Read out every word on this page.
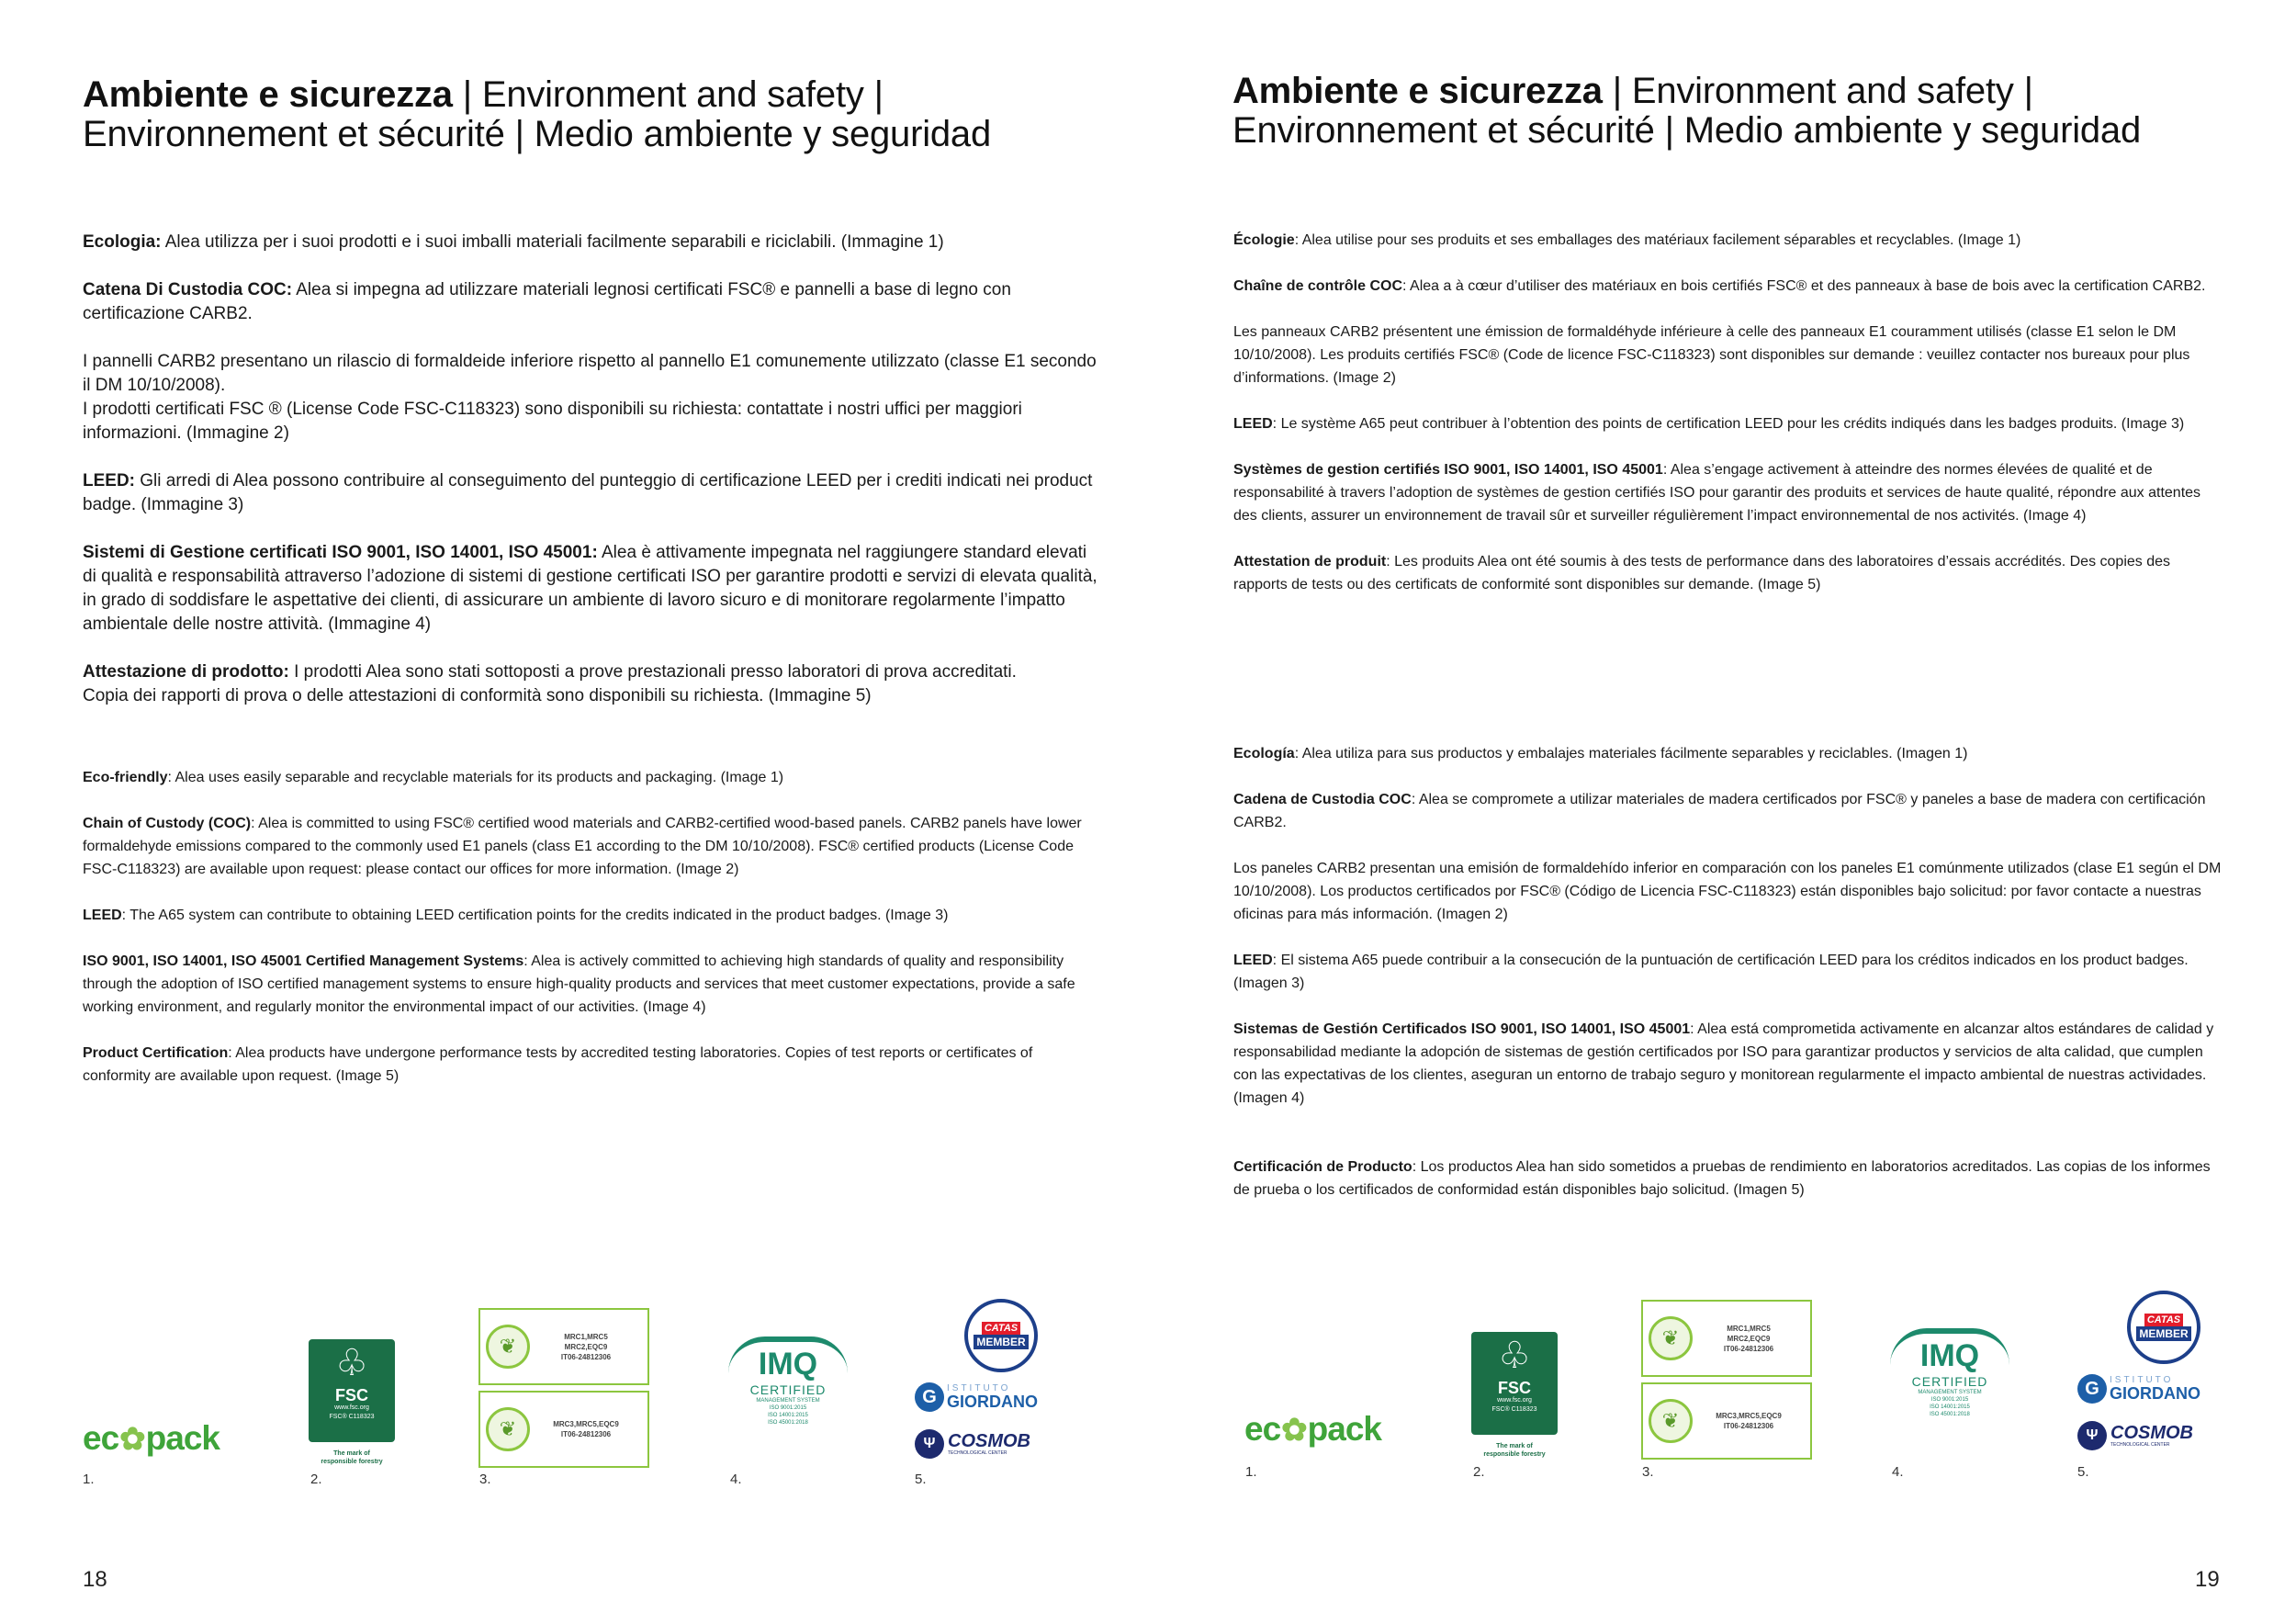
Ambiente e sicurezza | Environment and safety |
Environnement et sécurité | Medio ambiente y seguridad

Ecologia: Alea utilizza per i suoi prodotti e i suoi imballi materiali facilmente separabili e riciclabili. (Immagine 1)

Catena Di Custodia COC: Alea si impegna ad utilizzare materiali legnosi certificati FSC® e pannelli a base di legno con certificazione CARB2.

I pannelli CARB2 presentano un rilascio di formaldeide inferiore rispetto al pannello E1 comunemente utilizzato (classe E1 secondo il DM 10/10/2008).

I prodotti certificati FSC ® (License Code FSC-C118323) sono disponibili su richiesta: contattate i nostri uffici per maggiori informazioni. (Immagine 2)

LEED: Gli arredi di Alea possono contribuire al conseguimento del punteggio di certificazione LEED per i crediti indicati nei product badge. (Immagine 3)

Sistemi di Gestione certificati ISO 9001, ISO 14001, ISO 45001: Alea è attivamente impegnata nel raggiungere standard elevati di qualità e responsabilità attraverso l’adozione di sistemi di gestione certificati ISO per garantire prodotti e servizi di elevata qualità, in grado di soddisfare le aspettative dei clienti, di assicurare un ambiente di lavoro sicuro e di monitorare regolarmente l’impatto ambientale delle nostre attività. (Immagine 4)

Attestazione di prodotto: I prodotti Alea sono stati sottoposti a prove prestazionali presso laboratori di prova accreditati.

Copia dei rapporti di prova o delle attestazioni di conformità sono disponibili su richiesta. (Immagine 5)

Eco-friendly: Alea uses easily separable and recyclable materials for its products and packaging. (Image 1)

Chain of Custody (COC): Alea is committed to using FSC® certified wood materials and CARB2-certified wood-based panels. CARB2 panels have lower formaldehyde emissions compared to the commonly used E1 panels (class E1 according to the DM 10/10/2008). FSC® certified products (License Code FSC-C118323) are available upon request: please contact our offices for more information. (Image 2)

LEED: The A65 system can contribute to obtaining LEED certification points for the credits indicated in the product badges. (Image 3)

ISO 9001, ISO 14001, ISO 45001 Certified Management Systems: Alea is actively committed to achieving high standards of quality and responsibility through the adoption of ISO certified management systems to ensure high-quality products and services that meet customer expectations, provide a safe working environment, and regularly monitor the environmental impact of our activities. (Image 4)

Product Certification: Alea products have undergone performance tests by accredited testing laboratories. Copies of test reports or certificates of conformity are available upon request. (Image 5)

ec✿pack
1.
♧
FSC
www.fsc.org
FSC® C118323
The mark of
responsible forestry
2.
❦	MRC1,MRC5
MRC2,EQC9
IT06-24812306
❦	MRC3,MRC5,EQC9
IT06-24812306
3.
IMQ
CERTIFIED
MANAGEMENT SYSTEM
ISO 9001:2015
ISO 14001:2015
ISO 45001:2018
4.
CATAS
MEMBER
G	ISTITUTO
GIORDANO
Ψ COSMOB
TECHNOLOGICAL CENTER
5.
18
Ambiente e sicurezza | Environment and safety |
Environnement et sécurité | Medio ambiente y seguridad

Écologie: Alea utilise pour ses produits et ses emballages des matériaux facilement séparables et recyclables. (Image 1)

Chaîne de contrôle COC: Alea a à cœur d’utiliser des matériaux en bois certifiés FSC® et des panneaux à base de bois avec la certification CARB2.

Les panneaux CARB2 présentent une émission de formaldéhyde inférieure à celle des panneaux E1 couramment utilisés (classe E1 selon le DM 10/10/2008). Les produits certifiés FSC® (Code de licence FSC-C118323) sont disponibles sur demande : veuillez contacter nos bureaux pour plus d’informations. (Image 2)

LEED: Le système A65 peut contribuer à l’obtention des points de certification LEED pour les crédits indiqués dans les badges produits. (Image 3)

Systèmes de gestion certifiés ISO 9001, ISO 14001, ISO 45001: Alea s’engage activement à atteindre des normes élevées de qualité et de responsabilité à travers l’adoption de systèmes de gestion certifiés ISO pour garantir des produits et services de haute qualité, répondre aux attentes des clients, assurer un environnement de travail sûr et surveiller régulièrement l’impact environnemental de nos activités. (Image 4)

Attestation de produit: Les produits Alea ont été soumis à des tests de performance dans des laboratoires d’essais accrédités. Des copies des rapports de tests ou des certificats de conformité sont disponibles sur demande. (Image 5)

Ecología: Alea utiliza para sus productos y embalajes materiales fácilmente separables y reciclables. (Imagen 1)

Cadena de Custodia COC: Alea se compromete a utilizar materiales de madera certificados por FSC® y paneles a base de madera con certificación CARB2.

Los paneles CARB2 presentan una emisión de formaldehído inferior en comparación con los paneles E1 comúnmente utilizados (clase E1 según el DM 10/10/2008). Los productos certificados por FSC® (Código de Licencia FSC-C118323) están disponibles bajo solicitud: por favor contacte a nuestras oficinas para más información. (Imagen 2)

LEED: El sistema A65 puede contribuir a la consecución de la puntuación de certificación LEED para los créditos indicados en los product badges. (Imagen 3)

Sistemas de Gestión Certificados ISO 9001, ISO 14001, ISO 45001: Alea está comprometida activamente en alcanzar altos estándares de calidad y responsabilidad mediante la adopción de sistemas de gestión certificados por ISO para garantizar productos y servicios de alta calidad, que cumplen con las expectativas de los clientes, aseguran un entorno de trabajo seguro y monitorean regularmente el impacto ambiental de nuestras actividades. (Imagen 4)

Certificación de Producto: Los productos Alea han sido sometidos a pruebas de rendimiento en laboratorios acreditados. Las copias de los informes de prueba o los certificados de conformidad están disponibles bajo solicitud. (Imagen 5)

ec✿pack
1.
♧
FSC
www.fsc.org
FSC® C118323
The mark of
responsible forestry
2.
❦	MRC1,MRC5
MRC2,EQC9
IT06-24812306
❦	MRC3,MRC5,EQC9
IT06-24812306
3.
IMQ
CERTIFIED
MANAGEMENT SYSTEM
ISO 9001:2015
ISO 14001:2015
ISO 45001:2018
4.
CATAS
MEMBER
G	ISTITUTO
GIORDANO
Ψ COSMOB
TECHNOLOGICAL CENTER
5.
19
